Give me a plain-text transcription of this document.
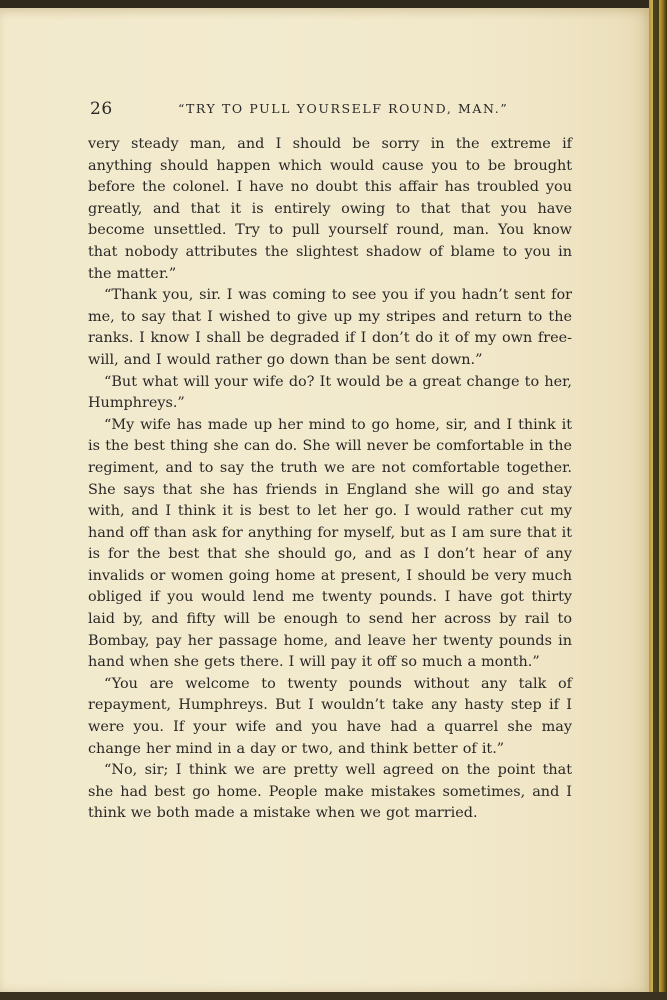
26	“TRY TO PULL YOURSELF ROUND, MAN.”

very steady man, and I should be sorry in the extreme if anything should happen which would cause you to be brought before the colonel. I have no doubt this affair has troubled you greatly, and that it is entirely owing to that that you have become unsettled. Try to pull yourself round, man. You know that nobody attributes the slightest shadow of blame to you in the matter.”

“Thank you, sir. I was coming to see you if you hadn’t sent for me, to say that I wished to give up my stripes and return to the ranks. I know I shall be degraded if I don’t do it of my own free-will, and I would rather go down than be sent down.”

“But what will your wife do? It would be a great change to her, Humphreys.”

“My wife has made up her mind to go home, sir, and I think it is the best thing she can do. She will never be comfortable in the regiment, and to say the truth we are not comfortable together. She says that she has friends in England she will go and stay with, and I think it is best to let her go. I would rather cut my hand off than ask for anything for myself, but as I am sure that it is for the best that she should go, and as I don’t hear of any invalids or women going home at present, I should be very much obliged if you would lend me twenty pounds. I have got thirty laid by, and fifty will be enough to send her across by rail to Bombay, pay her passage home, and leave her twenty pounds in hand when she gets there. I will pay it off so much a month.”

“You are welcome to twenty pounds without any talk of repayment, Humphreys. But I wouldn’t take any hasty step if I were you. If your wife and you have had a quarrel she may change her mind in a day or two, and think better of it.”

“No, sir; I think we are pretty well agreed on the point that she had best go home. People make mistakes sometimes, and I think we both made a mistake when we got married.
